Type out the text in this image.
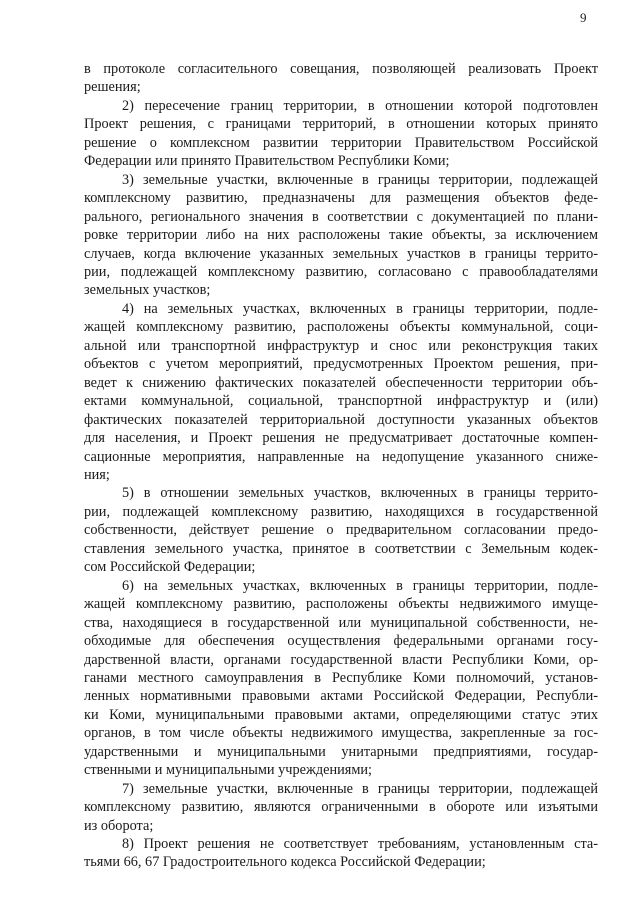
9

в протоколе согласительного совещания, позволяющей реализовать Проект
решения;

2) пересечение границ территории, в отношении которой подготовлен
Проект решения, с границами территорий, в отношении которых принято
решение о комплексном развитии территории Правительством Российской
Федерации или принято Правительством Республики Коми;

3) земельные участки, включенные в границы территории, подлежащей
комплексному развитию, предназначены для размещения объектов феде-
рального, регионального значения в соответствии с документацией по плани-
ровке территории либо на них расположены такие объекты, за исключением
случаев, когда включение указанных земельных участков в границы террито-
рии, подлежащей комплексному развитию, согласовано с правообладателями
земельных участков;

4) на земельных участках, включенных в границы территории, подле-
жащей комплексному развитию, расположены объекты коммунальной, соци-
альной или транспортной инфраструктур и снос или реконструкция таких
объектов с учетом мероприятий, предусмотренных Проектом решения, при-
ведет к снижению фактических показателей обеспеченности территории объ-
ектами коммунальной, социальной, транспортной инфраструктур и (или)
фактических показателей территориальной доступности указанных объектов
для населения, и Проект решения не предусматривает достаточные компен-
сационные мероприятия, направленные на недопущение указанного сниже-
ния;

5) в отношении земельных участков, включенных в границы террито-
рии, подлежащей комплексному развитию, находящихся в государственной
собственности, действует решение о предварительном согласовании предо-
ставления земельного участка, принятое в соответствии с Земельным кодек-
сом Российской Федерации;

6) на земельных участках, включенных в границы территории, подле-
жащей комплексному развитию, расположены объекты недвижимого имуще-
ства, находящиеся в государственной или муниципальной собственности, не-
обходимые для обеспечения осуществления федеральными органами госу-
дарственной власти, органами государственной власти Республики Коми, ор-
ганами местного самоуправления в Республике Коми полномочий, установ-
ленных нормативными правовыми актами Российской Федерации, Республи-
ки Коми, муниципальными правовыми актами, определяющими статус этих
органов, в том числе объекты недвижимого имущества, закрепленные за гос-
ударственными и муниципальными унитарными предприятиями, государ-
ственными и муниципальными учреждениями;

7) земельные участки, включенные в границы территории, подлежащей
комплексному развитию, являются ограниченными в обороте или изъятыми
из оборота;

8) Проект решения не соответствует требованиям, установленным ста-
тьями 66, 67 Градостроительного кодекса Российской Федерации;
